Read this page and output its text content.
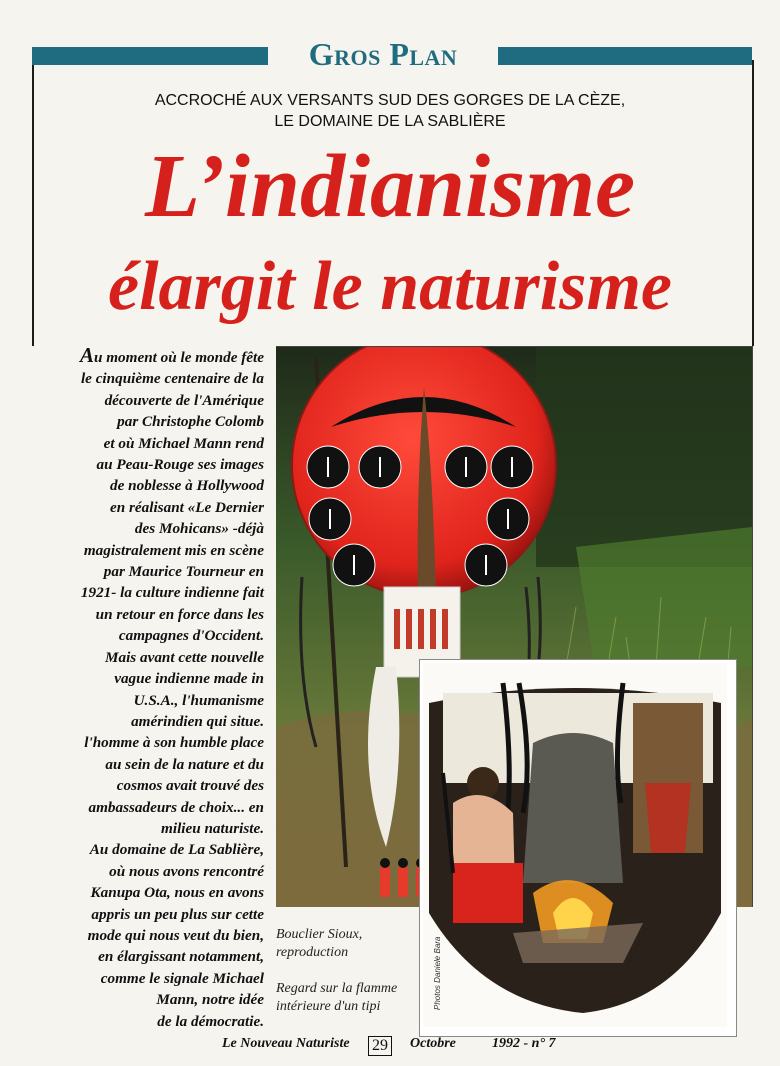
Gros Plan
ACCROCHÉ AUX VERSANTS SUD DES GORGES DE LA CÈZE,
LE DOMAINE DE LA SABLIÈRE
L’indianisme
élargit le naturisme
Au moment où le monde fête
le cinquième centenaire de la
découverte de l'Amérique
par Christophe Colomb
et où Michael Mann rend
au Peau-Rouge ses images
de noblesse à Hollywood
en réalisant «Le Dernier
des Mohicans» -déjà
magistralement mis en scène
par Maurice Tourneur en
1921- la culture indienne fait
un retour en force dans les
campagnes d'Occident.
Mais avant cette nouvelle
vague indienne made in
U.S.A., l'humanisme
amérindien qui situe.
l'homme à son humble place
au sein de la nature et du
cosmos avait trouvé des
ambassadeurs de choix... en
milieu naturiste.
Au domaine de La Sablière,
où nous avons rencontré
Kanupa Ota, nous en avons
appris un peu plus sur cette
mode qui nous veut du bien,
en élargissant notamment,
comme le signale Michael
Mann, notre idée
de la démocratie.
Bouclier Sioux,
reproduction
Regard sur la flamme
intérieure d'un tipi	Photos Daniele Bara
Le Nouveau Naturiste 29 Octobre	1992 - n° 7
